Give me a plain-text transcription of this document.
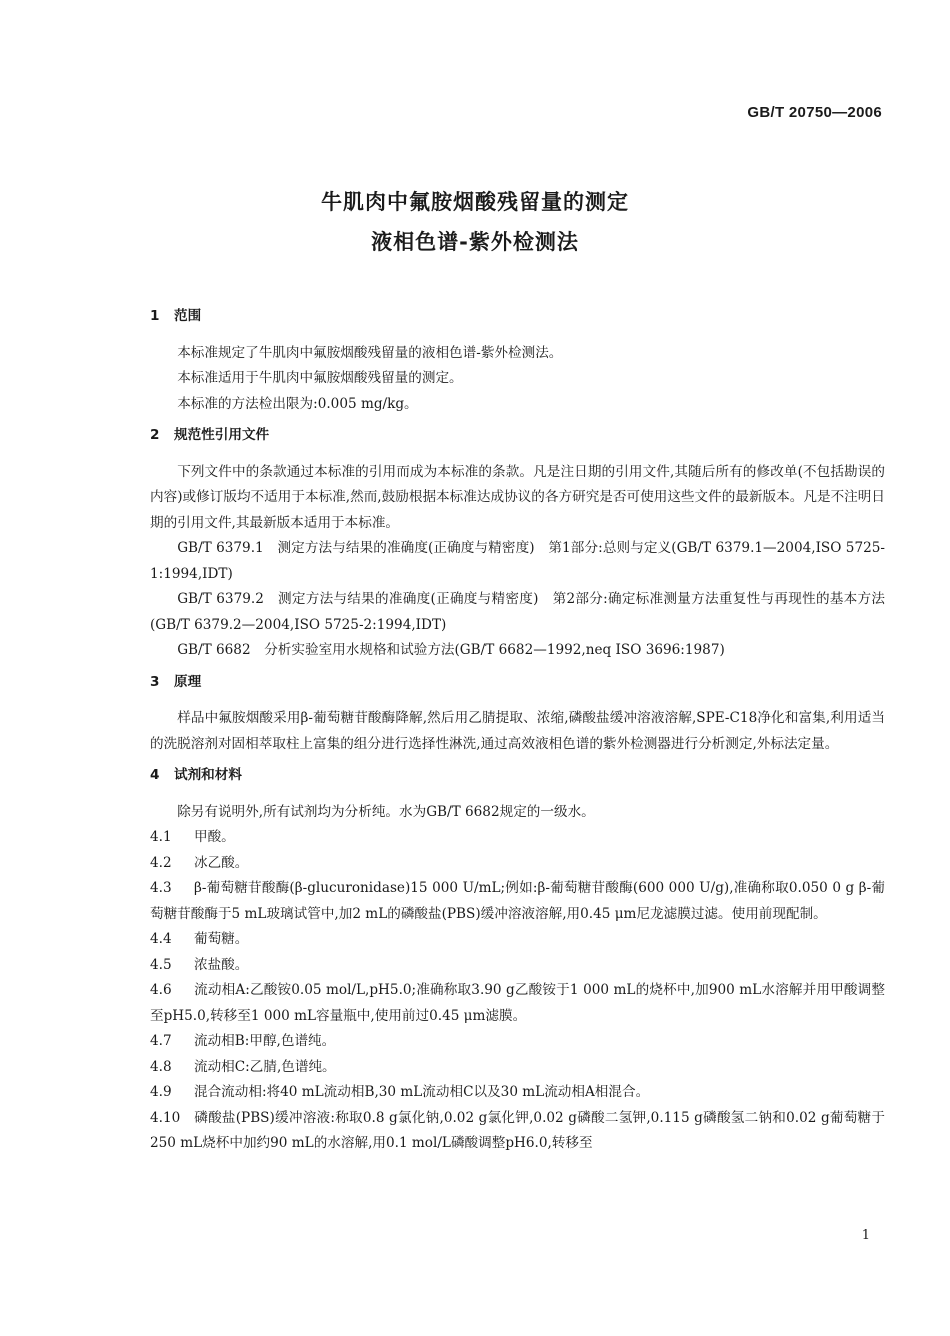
GB/T 20750—2006
牛肌肉中氟胺烟酸残留量的测定
液相色谱-紫外检测法
1 范围
本标准规定了牛肌肉中氟胺烟酸残留量的液相色谱-紫外检测法。
本标准适用于牛肌肉中氟胺烟酸残留量的测定。
本标准的方法检出限为:0.005 mg/kg。
2 规范性引用文件
下列文件中的条款通过本标准的引用而成为本标准的条款。凡是注日期的引用文件,其随后所有的修改单(不包括勘误的内容)或修订版均不适用于本标准,然而,鼓励根据本标准达成协议的各方研究是否可使用这些文件的最新版本。凡是不注明日期的引用文件,其最新版本适用于本标准。
GB/T 6379.1　测定方法与结果的准确度(正确度与精密度)　第1部分:总则与定义(GB/T 6379.1—2004,ISO 5725-1:1994,IDT)
GB/T 6379.2　测定方法与结果的准确度(正确度与精密度)　第2部分:确定标准测量方法重复性与再现性的基本方法(GB/T 6379.2—2004,ISO 5725-2:1994,IDT)
GB/T 6682　分析实验室用水规格和试验方法(GB/T 6682—1992,neq ISO 3696:1987)
3 原理
样品中氟胺烟酸采用β-葡萄糖苷酸酶降解,然后用乙腈提取、浓缩,磷酸盐缓冲溶液溶解,SPE-C18净化和富集,利用适当的洗脱溶剂对固相萃取柱上富集的组分进行选择性淋洗,通过高效液相色谱的紫外检测器进行分析测定,外标法定量。
4 试剂和材料
除另有说明外,所有试剂均为分析纯。水为GB/T 6682规定的一级水。
4.1 甲酸。
4.2 冰乙酸。
4.3 β-葡萄糖苷酸酶(β-glucuronidase)15 000 U/mL;例如:β-葡萄糖苷酸酶(600 000 U/g),准确称取0.050 0 g β-葡萄糖苷酸酶于5 mL玻璃试管中,加2 mL的磷酸盐(PBS)缓冲溶液溶解,用0.45 μm尼龙滤膜过滤。使用前现配制。
4.4 葡萄糖。
4.5 浓盐酸。
4.6 流动相A:乙酸铵0.05 mol/L,pH5.0;准确称取3.90 g乙酸铵于1 000 mL的烧杯中,加900 mL水溶解并用甲酸调整至pH5.0,转移至1 000 mL容量瓶中,使用前过0.45 μm滤膜。
4.7 流动相B:甲醇,色谱纯。
4.8 流动相C:乙腈,色谱纯。
4.9 混合流动相:将40 mL流动相B,30 mL流动相C以及30 mL流动相A相混合。
4.10 磷酸盐(PBS)缓冲溶液:称取0.8 g氯化钠,0.02 g氯化钾,0.02 g磷酸二氢钾,0.115 g磷酸氢二钠和0.02 g葡萄糖于250 mL烧杯中加约90 mL的水溶解,用0.1 mol/L磷酸调整pH6.0,转移至
1
